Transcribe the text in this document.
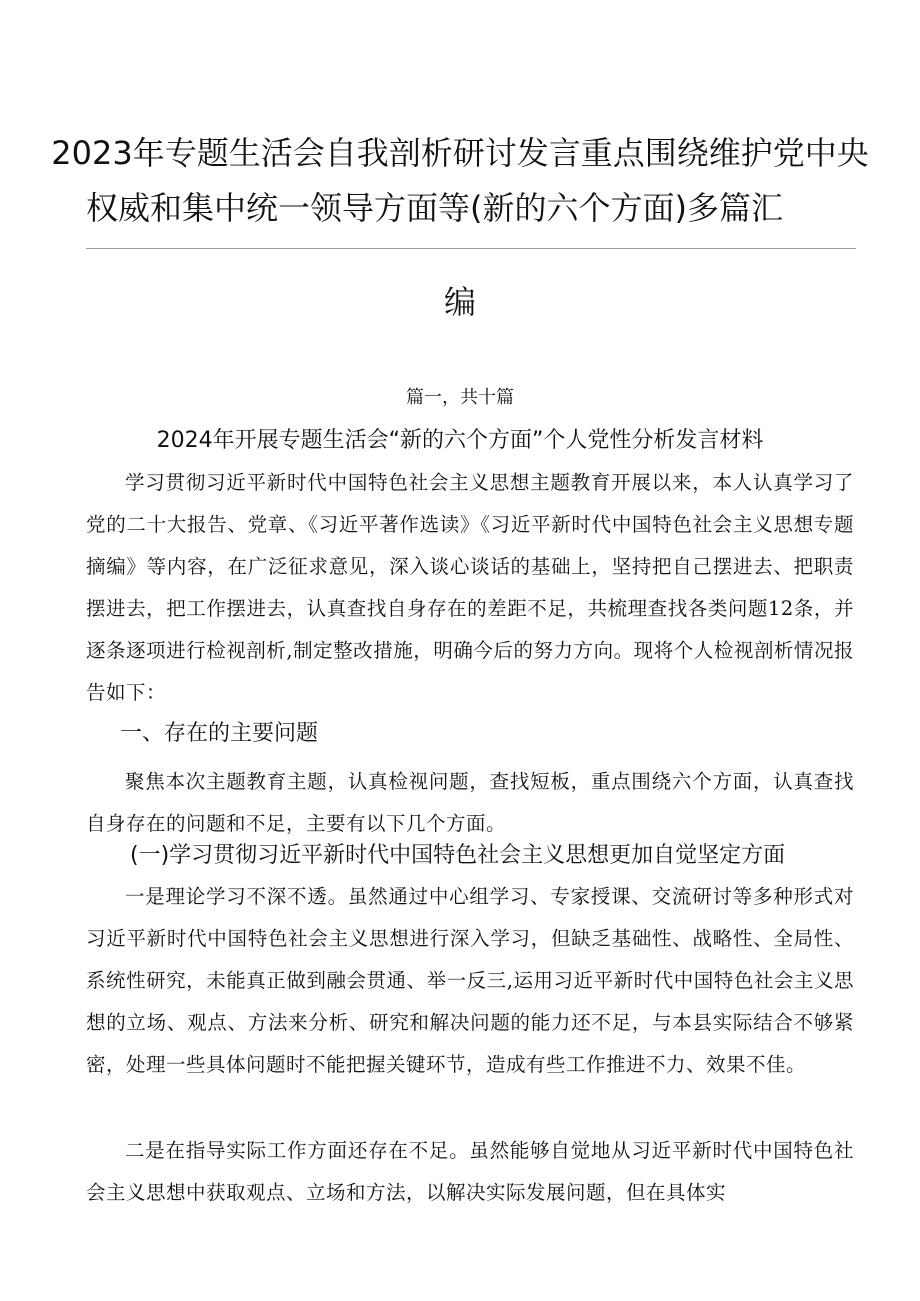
2023年专题生活会自我剖析研讨发言重点围绕维护党中央
权威和集中统一领导方面等(新的六个方面)多篇汇
编
篇一，共十篇
2024年开展专题生活会“新的六个方面”个人党性分析发言材料
学习贯彻习近平新时代中国特色社会主义思想主题教育开展以来，本人认真学习了党的二十大报告、党章、《习近平著作选读》《习近平新时代中国特色社会主义思想专题摘编》等内容，在广泛征求意见，深入谈心谈话的基础上，坚持把自己摆进去、把职责摆进去，把工作摆进去，认真查找自身存在的差距不足，共梳理查找各类问题12条，并逐条逐项进行检视剖析,制定整改措施，明确今后的努力方向。现将个人检视剖析情况报告如下：
一、存在的主要问题
聚焦本次主题教育主题，认真检视问题，查找短板，重点围绕六个方面，认真查找自身存在的问题和不足，主要有以下几个方面。
(一)学习贯彻习近平新时代中国特色社会主义思想更加自觉坚定方面
一是理论学习不深不透。虽然通过中心组学习、专家授课、交流研讨等多种形式对习近平新时代中国特色社会主义思想进行深入学习，但缺乏基础性、战略性、全局性、系统性研究，未能真正做到融会贯通、举一反三,运用习近平新时代中国特色社会主义思想的立场、观点、方法来分析、研究和解决问题的能力还不足，与本县实际结合不够紧密，处理一些具体问题时不能把握关键环节，造成有些工作推进不力、效果不佳。
二是在指导实际工作方面还存在不足。虽然能够自觉地从习近平新时代中国特色社会主义思想中获取观点、立场和方法，以解决实际发展问题，但在具体实
